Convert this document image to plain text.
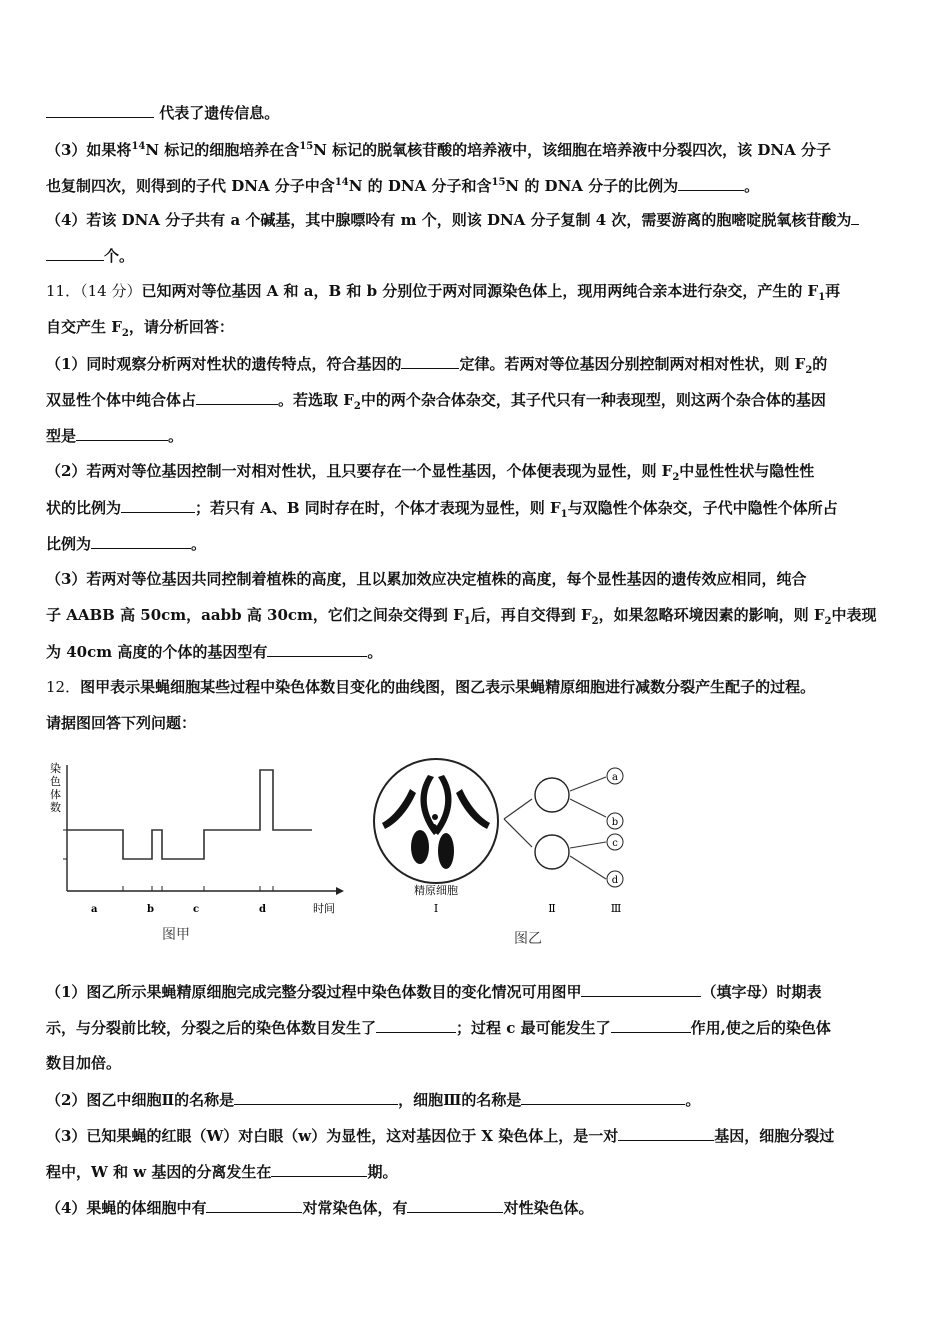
代表了遗传信息。
（3）如果将$^{14}$N 标记的细胞培养在含$^{15}$N 标记的脱氧核苷酸的培养液中，该细胞在培养液中分裂四次，该 DNA 分子
也复制四次，则得到的子代 DNA 分子中含$^{14}$N 的 DNA 分子和含$^{15}$N 的 DNA 分子的比例为	。
（4）若该 DNA 分子共有 a 个碱基，其中腺嘌呤有 m 个，则该 DNA 分子复制 4 次，需要游离的胞嘧啶脱氧核苷酸为
个。
11．（14 分）已知两对等位基因 A 和 a，B 和 b 分别位于两对同源染色体上，现用两纯合亲本进行杂交，产生的 $F_1$再
自交产生 $F_2$，请分析回答：
（1）同时观察分析两对性状的遗传特点，符合基因的	定律。若两对等位基因分别控制两对相对性状，则 $F_2$的
双显性个体中纯合体占	。若选取 $F_2$中的两个杂合体杂交，其子代只有一种表现型，则这两个杂合体的基因
型是	。
（2）若两对等位基因控制一对相对性状，且只要存在一个显性基因，个体便表现为显性，则 $F_2$中显性性状与隐性性
状的比例为	；若只有 A、B 同时存在时，个体才表现为显性，则 $F_1$与双隐性个体杂交，子代中隐性个体所占
比例为	。
（3）若两对等位基因共同控制着植株的高度，且以累加效应决定植株的高度，每个显性基因的遗传效应相同，纯合
子 AABB 高 50cm，aabb 高 30cm，它们之间杂交得到 $F_1$后，再自交得到 $F_2$，如果忽略环境因素的影响，则 $F_2$中表现
为 40cm 高度的个体的基因型有	。
12．图甲表示果蝇细胞某些过程中染色体数目变化的曲线图，图乙表示果蝇精原细胞进行减数分裂产生配子的过程。
请据图回答下列问题：
染
色
体
数
a	b	c	d	时间
图甲
a
b
c
d
精原细胞
Ⅰ	Ⅱ	Ⅲ
图乙
（1）图乙所示果蝇精原细胞完成完整分裂过程中染色体数目的变化情况可用图甲	（填字母）时期表
示，与分裂前比较，分裂之后的染色体数目发生了	；过程 c 最可能发生了	作用,使之后的染色体
数目加倍。
（2）图乙中细胞Ⅱ的名称是	，细胞Ⅲ的名称是	。
（3）已知果蝇的红眼（W）对白眼（w）为显性，这对基因位于 X 染色体上，是一对	基因，细胞分裂过
程中，W 和 w 基因的分离发生在	期。
（4）果蝇的体细胞中有	对常染色体，有	对性染色体。
